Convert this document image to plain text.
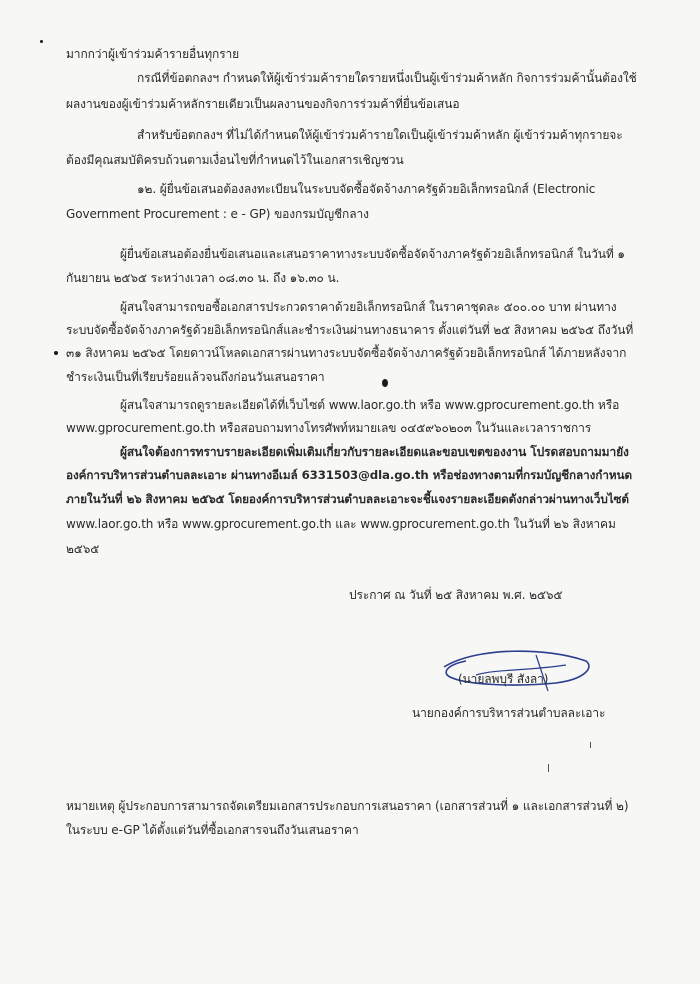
มากกว่าผู้เข้าร่วมค้ารายอื่นทุกราย
กรณีที่ข้อตกลงฯ กำหนดให้ผู้เข้าร่วมค้ารายใดรายหนึ่งเป็นผู้เข้าร่วมค้าหลัก กิจการร่วมค้านั้นต้องใช้
ผลงานของผู้เข้าร่วมค้าหลักรายเดียวเป็นผลงานของกิจการร่วมค้าที่ยื่นข้อเสนอ
สำหรับข้อตกลงฯ ที่ไม่ได้กำหนดให้ผู้เข้าร่วมค้ารายใดเป็นผู้เข้าร่วมค้าหลัก ผู้เข้าร่วมค้าทุกรายจะ
ต้องมีคุณสมบัติครบถ้วนตามเงื่อนไขที่กำหนดไว้ในเอกสารเชิญชวน
๑๒. ผู้ยื่นข้อเสนอต้องลงทะเบียนในระบบจัดซื้อจัดจ้างภาครัฐด้วยอิเล็กทรอนิกส์ (Electronic
Government Procurement : e - GP) ของกรมบัญชีกลาง
ผู้ยื่นข้อเสนอต้องยื่นข้อเสนอและเสนอราคาทางระบบจัดซื้อจัดจ้างภาครัฐด้วยอิเล็กทรอนิกส์ ในวันที่ ๑
กันยายน ๒๕๖๕ ระหว่างเวลา ๐๘.๓๐ น. ถึง ๑๖.๓๐ น.
ผู้สนใจสามารถขอซื้อเอกสารประกวดราคาด้วยอิเล็กทรอนิกส์ ในราคาชุดละ ๕๐๐.๐๐ บาท ผ่านทาง
ระบบจัดซื้อจัดจ้างภาครัฐด้วยอิเล็กทรอนิกส์และชำระเงินผ่านทางธนาคาร ตั้งแต่วันที่ ๒๕ สิงหาคม ๒๕๖๕ ถึงวันที่
๓๑ สิงหาคม ๒๕๖๕ โดยดาวน์โหลดเอกสารผ่านทางระบบจัดซื้อจัดจ้างภาครัฐด้วยอิเล็กทรอนิกส์ ได้ภายหลังจาก
ชำระเงินเป็นที่เรียบร้อยแล้วจนถึงก่อนวันเสนอราคา
ผู้สนใจสามารถดูรายละเอียดได้ที่เว็บไซต์ www.laor.go.th หรือ www.gprocurement.go.th หรือ
www.gprocurement.go.th หรือสอบถามทางโทรศัพท์หมายเลข ๐๔๕๙๖๐๒๐๓ ในวันและเวลาราชการ
ผู้สนใจต้องการทราบรายละเอียดเพิ่มเติมเกี่ยวกับรายละเอียดและขอบเขตของงาน โปรดสอบถามมายัง
องค์การบริหารส่วนตำบลละเอาะ ผ่านทางอีเมล์ 6331503@dla.go.th หรือช่องทางตามที่กรมบัญชีกลางกำหนด
ภายในวันที่ ๒๖ สิงหาคม ๒๕๖๕ โดยองค์การบริหารส่วนตำบลละเอาะจะชี้แจงรายละเอียดดังกล่าวผ่านทางเว็บไซต์
www.laor.go.th หรือ www.gprocurement.go.th และ www.gprocurement.go.th ในวันที่ ๒๖ สิงหาคม
๒๕๖๕
ประกาศ ณ วันที่ ๒๕ สิงหาคม พ.ศ. ๒๕๖๕
(นายลพบุรี สังลา)
นายกองค์การบริหารส่วนตำบลละเอาะ
หมายเหตุ ผู้ประกอบการสามารถจัดเตรียมเอกสารประกอบการเสนอราคา (เอกสารส่วนที่ ๑ และเอกสารส่วนที่ ๒)
ในระบบ e-GP ได้ตั้งแต่วันที่ซื้อเอกสารจนถึงวันเสนอราคา
